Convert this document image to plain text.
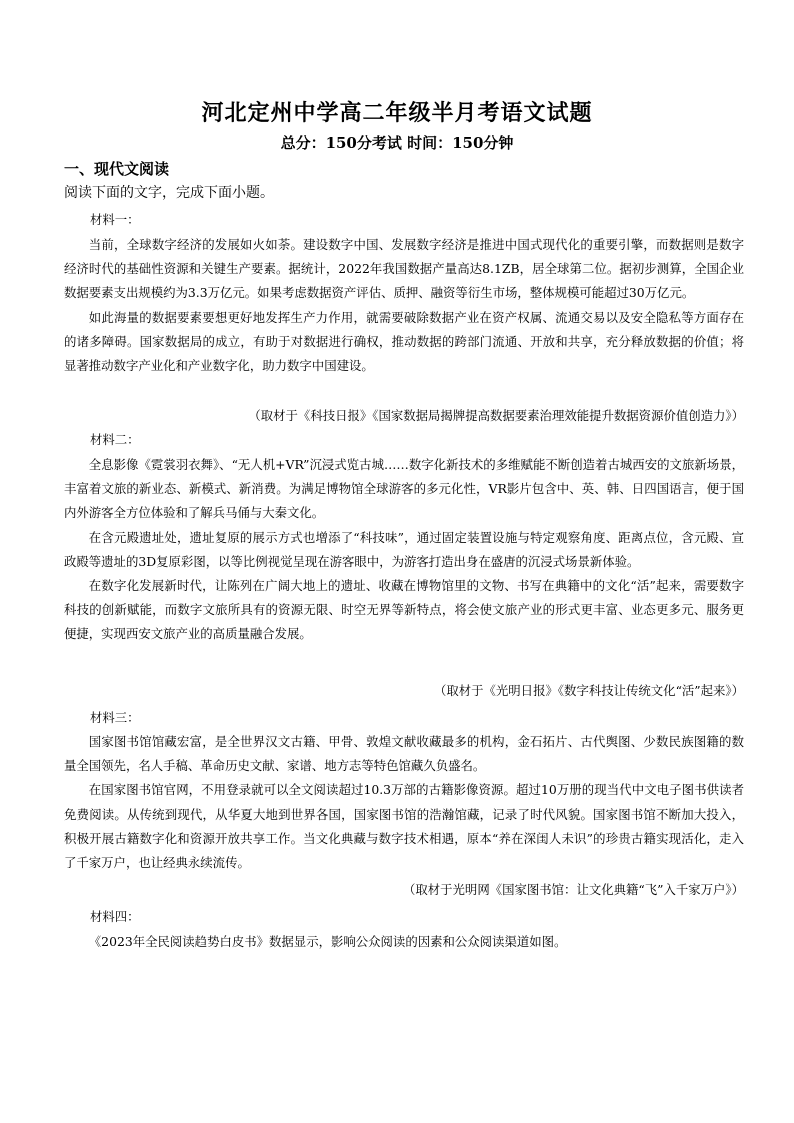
河北定州中学高二年级半月考语文试题
总分：150分考试 时间：150分钟
一、现代文阅读
阅读下面的文字，完成下面小题。
材料一：

当前，全球数字经济的发展如火如荼。建设数字中国、发展数字经济是推进中国式现代化的重要引擎，而数据则是数字经济时代的基础性资源和关键生产要素。据统计，2022年我国数据产量高达8.1ZB，居全球第二位。据初步测算，全国企业数据要素支出规模约为3.3万亿元。如果考虑数据资产评估、质押、融资等衍生市场，整体规模可能超过30万亿元。

如此海量的数据要素要想更好地发挥生产力作用，就需要破除数据产业在资产权属、流通交易以及安全隐私等方面存在的诸多障碍。国家数据局的成立，有助于对数据进行确权，推动数据的跨部门流通、开放和共享，充分释放数据的价值；将显著推动数字产业化和产业数字化，助力数字中国建设。

（取材于《科技日报》《国家数据局揭牌提高数据要素治理效能提升数据资源价值创造力》）
材料二：

全息影像《霓裳羽衣舞》、“无人机+VR”沉浸式览古城……数字化新技术的多维赋能不断创造着古城西安的文旅新场景，丰富着文旅的新业态、新模式、新消费。为满足博物馆全球游客的多元化性，VR影片包含中、英、韩、日四国语言，便于国内外游客全方位体验和了解兵马俑与大秦文化。

在含元殿遗址处，遗址复原的展示方式也增添了“科技味”，通过固定装置设施与特定观察角度、距离点位，含元殿、宣政殿等遗址的3D复原彩图，以等比例视觉呈现在游客眼中，为游客打造出身在盛唐的沉浸式场景新体验。

在数字化发展新时代，让陈列在广阔大地上的遗址、收藏在博物馆里的文物、书写在典籍中的文化“活”起来，需要数字科技的创新赋能，而数字文旅所具有的资源无限、时空无界等新特点，将会使文旅产业的形式更丰富、业态更多元、服务更便捷，实现西安文旅产业的高质量融合发展。

（取材于《光明日报》《数字科技让传统文化“活”起来》）
材料三：

国家图书馆馆藏宏富，是全世界汉文古籍、甲骨、敦煌文献收藏最多的机构，金石拓片、古代舆图、少数民族图籍的数量全国领先，名人手稿、革命历史文献、家谱、地方志等特色馆藏久负盛名。

在国家图书馆官网，不用登录就可以全文阅读超过10.3万部的古籍影像资源。超过10万册的现当代中文电子图书供读者免费阅读。从传统到现代，从华夏大地到世界各国，国家图书馆的浩瀚馆藏，记录了时代风貌。国家图书馆不断加大投入，积极开展古籍数字化和资源开放共享工作。当文化典藏与数字技术相遇，原本“养在深闺人未识”的珍贵古籍实现活化，走入了千家万户，也让经典永续流传。

（取材于光明网《国家图书馆：让文化典籍“飞”入千家万户》）
材料四：

《2023年全民阅读趋势白皮书》数据显示，影响公众阅读的因素和公众阅读渠道如图。
